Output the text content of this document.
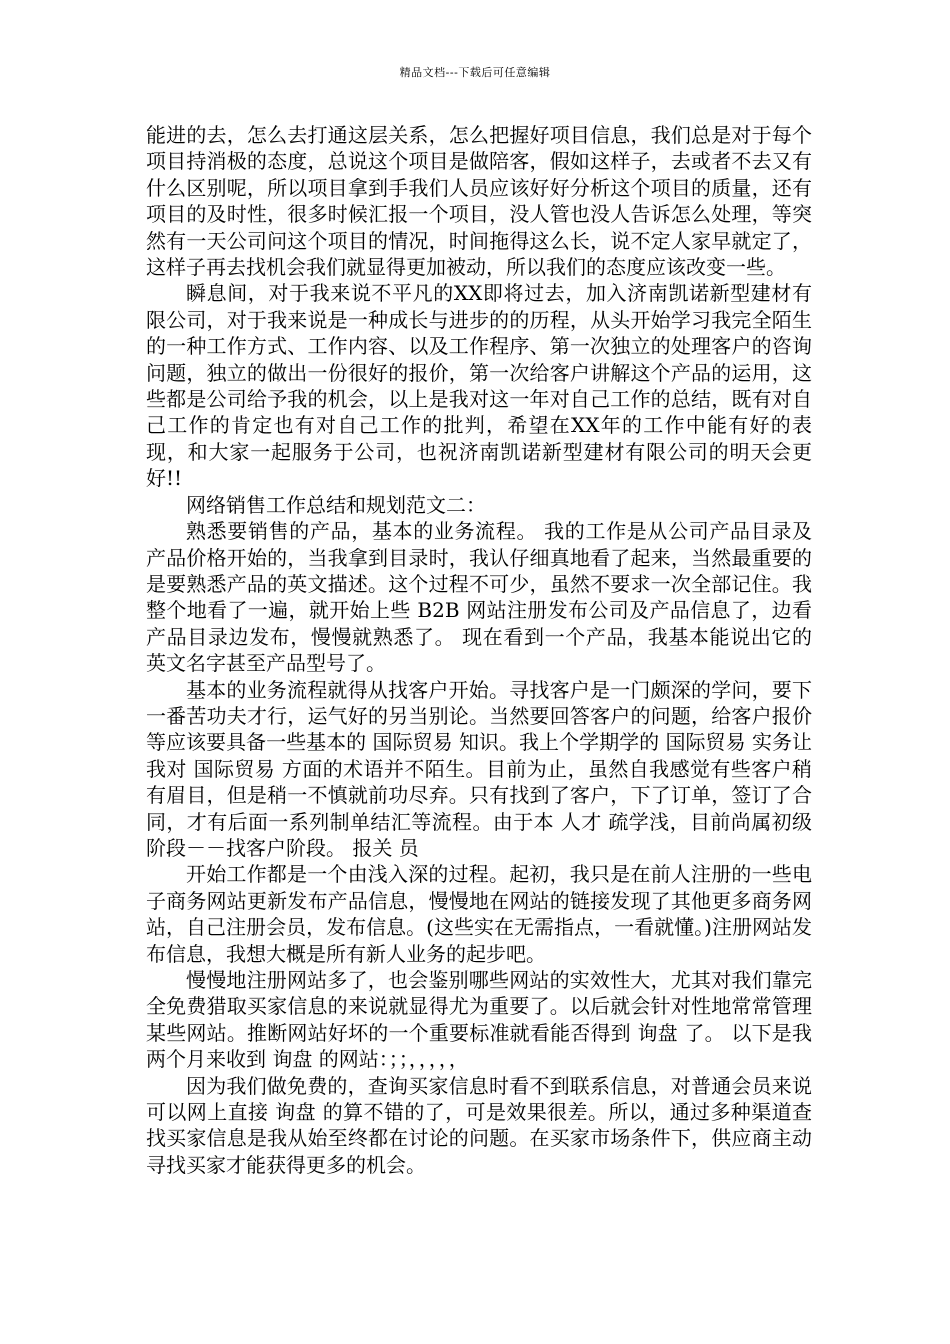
精品文档---下载后可任意编辑

能进的去，怎么去打通这层关系，怎么把握好项目信息，我们总是对于每个项目持消极的态度，总说这个项目是做陪客，假如这样子，去或者不去又有什么区别呢，所以项目拿到手我们人员应该好好分析这个项目的质量，还有项目的及时性，很多时候汇报一个项目，没人管也没人告诉怎么处理，等突然有一天公司问这个项目的情况，时间拖得这么长，说不定人家早就定了，这样子再去找机会我们就显得更加被动，所以我们的态度应该改变一些。

瞬息间，对于我来说不平凡的XX即将过去，加入济南凯诺新型建材有限公司，对于我来说是一种成长与进步的的历程，从头开始学习我完全陌生的一种工作方式、工作内容、以及工作程序、第一次独立的处理客户的咨询问题，独立的做出一份很好的报价，第一次给客户讲解这个产品的运用，这些都是公司给予我的机会，以上是我对这一年对自己工作的总结，既有对自己工作的肯定也有对自己工作的批判，希望在XX年的工作中能有好的表现，和大家一起服务于公司，也祝济南凯诺新型建材有限公司的明天会更好!!

网络销售工作总结和规划范文二：

熟悉要销售的产品，基本的业务流程。 我的工作是从公司产品目录及产品价格开始的，当我拿到目录时，我认仔细真地看了起来，当然最重要的是要熟悉产品的英文描述。这个过程不可少，虽然不要求一次全部记住。我整个地看了一遍，就开始上些 B2B 网站注册发布公司及产品信息了，边看产品目录边发布，慢慢就熟悉了。 现在看到一个产品，我基本能说出它的英文名字甚至产品型号了。

基本的业务流程就得从找客户开始。寻找客户是一门颇深的学问，要下一番苦功夫才行，运气好的另当别论。当然要回答客户的问题，给客户报价等应该要具备一些基本的 国际贸易 知识。我上个学期学的 国际贸易 实务让我对 国际贸易 方面的术语并不陌生。目前为止，虽然自我感觉有些客户稍有眉目，但是稍一不慎就前功尽弃。只有找到了客户，下了订单，签订了合同，才有后面一系列制单结汇等流程。由于本 人才 疏学浅，目前尚属初级阶段－－找客户阶段。 报关 员

开始工作都是一个由浅入深的过程。起初，我只是在前人注册的一些电子商务网站更新发布产品信息，慢慢地在网站的链接发现了其他更多商务网站，自己注册会员，发布信息。(这些实在无需指点，一看就懂。)注册网站发布信息，我想大概是所有新人业务的起步吧。

慢慢地注册网站多了，也会鉴别哪些网站的实效性大，尤其对我们靠完全免费猎取买家信息的来说就显得尤为重要了。以后就会针对性地常常管理某些网站。推断网站好坏的一个重要标准就看能否得到 询盘 了。 以下是我两个月来收到 询盘 的网站：；；，，，，，

因为我们做免费的，查询买家信息时看不到联系信息，对普通会员来说可以网上直接 询盘 的算不错的了，可是效果很差。所以，通过多种渠道查找买家信息是我从始至终都在讨论的问题。在买家市场条件下，供应商主动寻找买家才能获得更多的机会。
